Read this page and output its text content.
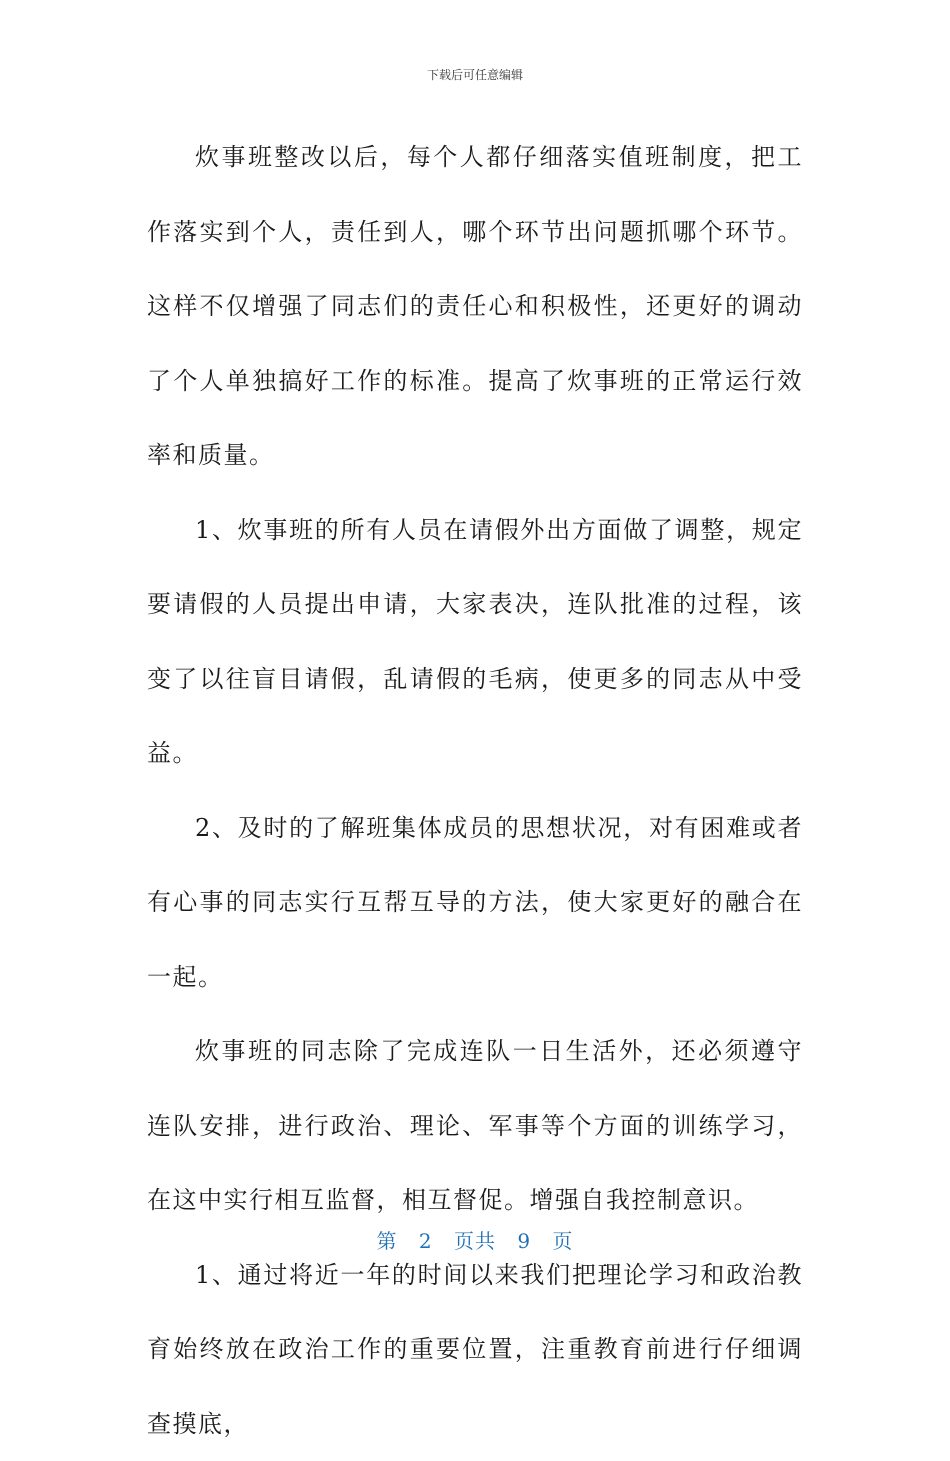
下载后可任意编辑

炊事班整改以后，每个人都仔细落实值班制度，把工作落实到个人，责任到人，哪个环节出问题抓哪个环节。这样不仅增强了同志们的责任心和积极性，还更好的调动了个人单独搞好工作的标准。提高了炊事班的正常运行效率和质量。

1、炊事班的所有人员在请假外出方面做了调整，规定要请假的人员提出申请，大家表决，连队批准的过程，该变了以往盲目请假，乱请假的毛病，使更多的同志从中受益。

2、及时的了解班集体成员的思想状况，对有困难或者有心事的同志实行互帮互导的方法，使大家更好的融合在一起。

炊事班的同志除了完成连队一日生活外，还必须遵守连队安排，进行政治、理论、军事等个方面的训练学习，在这中实行相互监督，相互督促。增强自我控制意识。

1、通过将近一年的时间以来我们把理论学习和政治教育始终放在政治工作的重要位置，注重教育前进行仔细调查摸底，

第 2 页共 9 页
